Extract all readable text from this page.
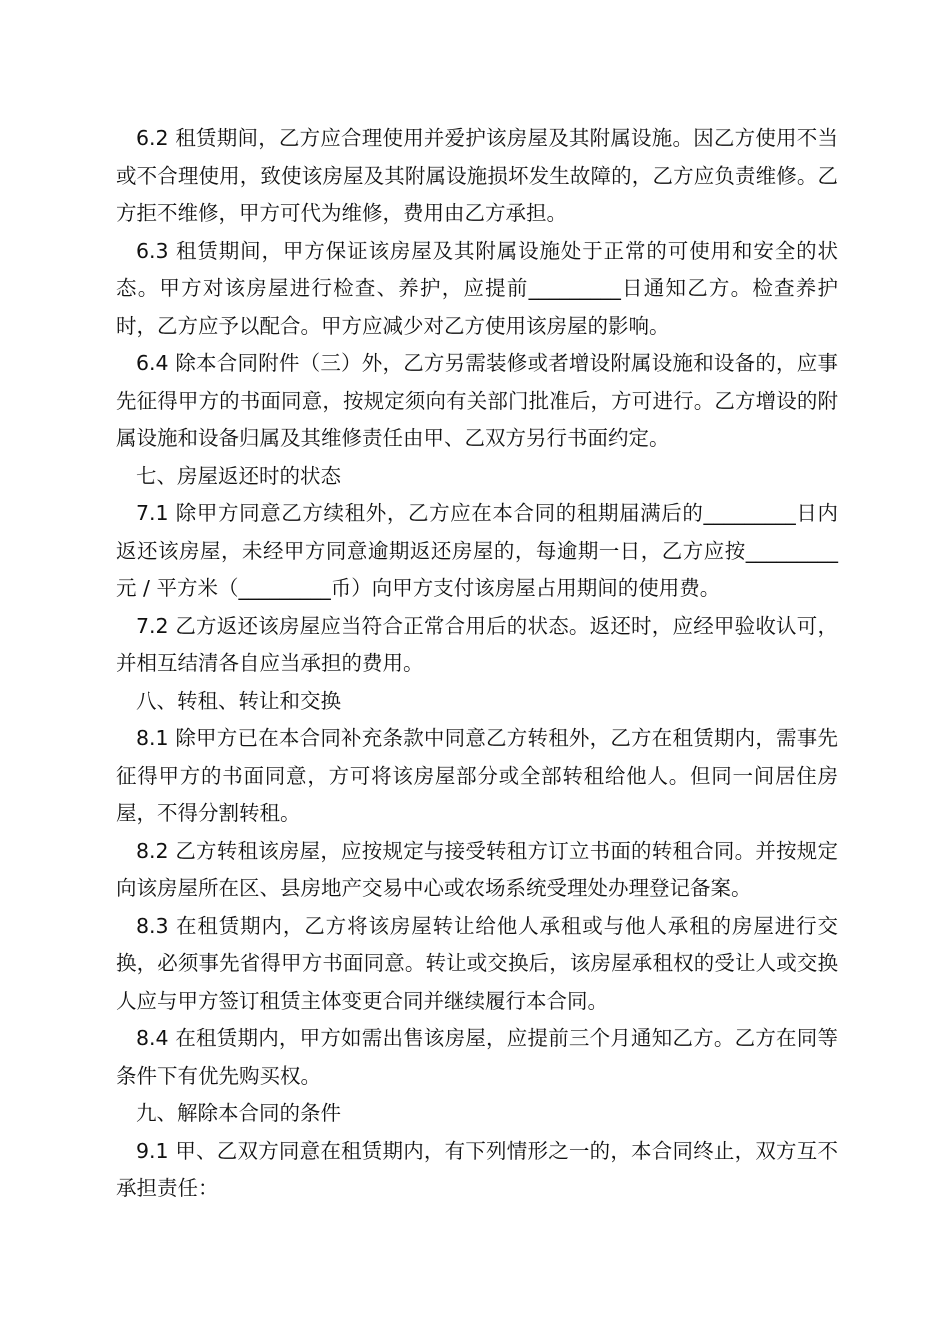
6.2 租赁期间，乙方应合理使用并爱护该房屋及其附属设施。因乙方使用不当或不合理使用，致使该房屋及其附属设施损坏发生故障的，乙方应负责维修。乙方拒不维修，甲方可代为维修，费用由乙方承担。

6.3 租赁期间，甲方保证该房屋及其附属设施处于正常的可使用和安全的状态。甲方对该房屋进行检查、养护，应提前_________日通知乙方。检查养护时，乙方应予以配合。甲方应减少对乙方使用该房屋的影响。

6.4 除本合同附件（三）外，乙方另需装修或者增设附属设施和设备的，应事先征得甲方的书面同意，按规定须向有关部门批准后，方可进行。乙方增设的附属设施和设备归属及其维修责任由甲、乙双方另行书面约定。

七、房屋返还时的状态

7.1 除甲方同意乙方续租外，乙方应在本合同的租期届满后的_________日内返还该房屋，未经甲方同意逾期返还房屋的，每逾期一日，乙方应按_________元 / 平方米（_________币）向甲方支付该房屋占用期间的使用费。

7.2 乙方返还该房屋应当符合正常合用后的状态。返还时，应经甲验收认可，并相互结清各自应当承担的费用。

八、转租、转让和交换

8.1 除甲方已在本合同补充条款中同意乙方转租外，乙方在租赁期内，需事先征得甲方的书面同意，方可将该房屋部分或全部转租给他人。但同一间居住房屋，不得分割转租。

8.2 乙方转租该房屋，应按规定与接受转租方订立书面的转租合同。并按规定向该房屋所在区、县房地产交易中心或农场系统受理处办理登记备案。

8.3 在租赁期内，乙方将该房屋转让给他人承租或与他人承租的房屋进行交换，必须事先省得甲方书面同意。转让或交换后，该房屋承租权的受让人或交换人应与甲方签订租赁主体变更合同并继续履行本合同。

8.4 在租赁期内，甲方如需出售该房屋，应提前三个月通知乙方。乙方在同等条件下有优先购买权。

九、解除本合同的条件

9.1 甲、乙双方同意在租赁期内，有下列情形之一的，本合同终止，双方互不承担责任：
